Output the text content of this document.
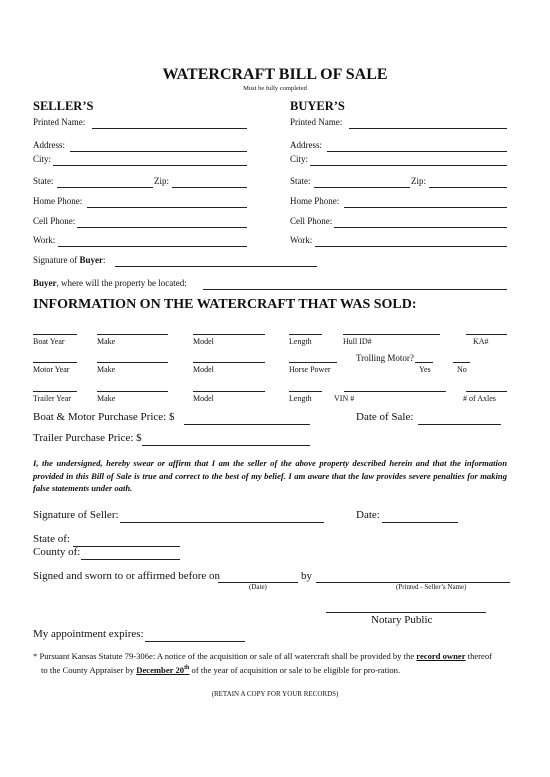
WATERCRAFT BILL OF SALE
Must be fully completed
SELLER’S
Printed Name:
Address:
City:
State:	Zip:
Home Phone:
Cell Phone:
Work:
BUYER’S
Printed Name:
Address:
City:
State:	Zip:
Home Phone:
Cell Phone:
Work:
Signature of Buyer:
Buyer, where will the property be located:
INFORMATION ON THE WATERCRAFT THAT WAS SOLD:
Boat Year	Make	Model	Length	Hull ID#	KA#
Trolling Motor?
Motor Year	Make	Model	Horse Power	Yes	No
Trailer Year	Make	Model	Length	VIN #	# of Axles
Boat & Motor Purchase Price: $	Date of Sale:
Trailer Purchase Price: $
I, the undersigned, hereby swear or affirm that I am the seller of the above property described herein and that the information provided in this Bill of Sale is true and correct to the best of my belief. I am aware that the law provides severe penalties for making false statements under oath.
Signature of Seller:	Date:
State of:
County of:
Signed and sworn to or affirmed before on	by
(Date)	(Printed - Seller’s Name)
Notary Public
My appointment expires:
* Pursuant Kansas Statute 79-306e: A notice of the acquisition or sale of all watercraft shall be provided by the record owner thereof
to the County Appraiser by December 20th of the year of acquisition or sale to be eligible for pro-ration.
(RETAIN A COPY FOR YOUR RECORDS)
